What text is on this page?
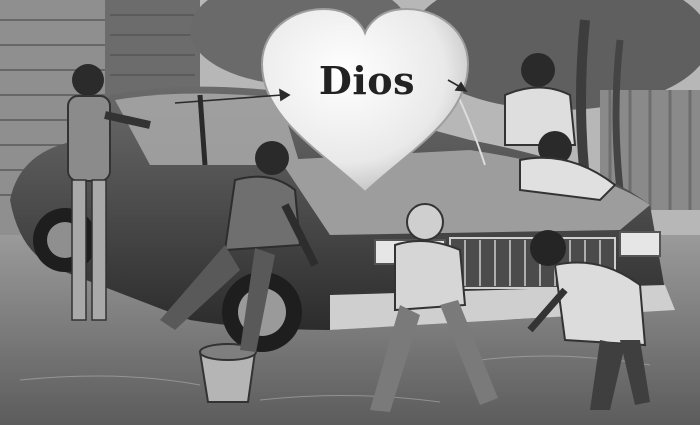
Dios
